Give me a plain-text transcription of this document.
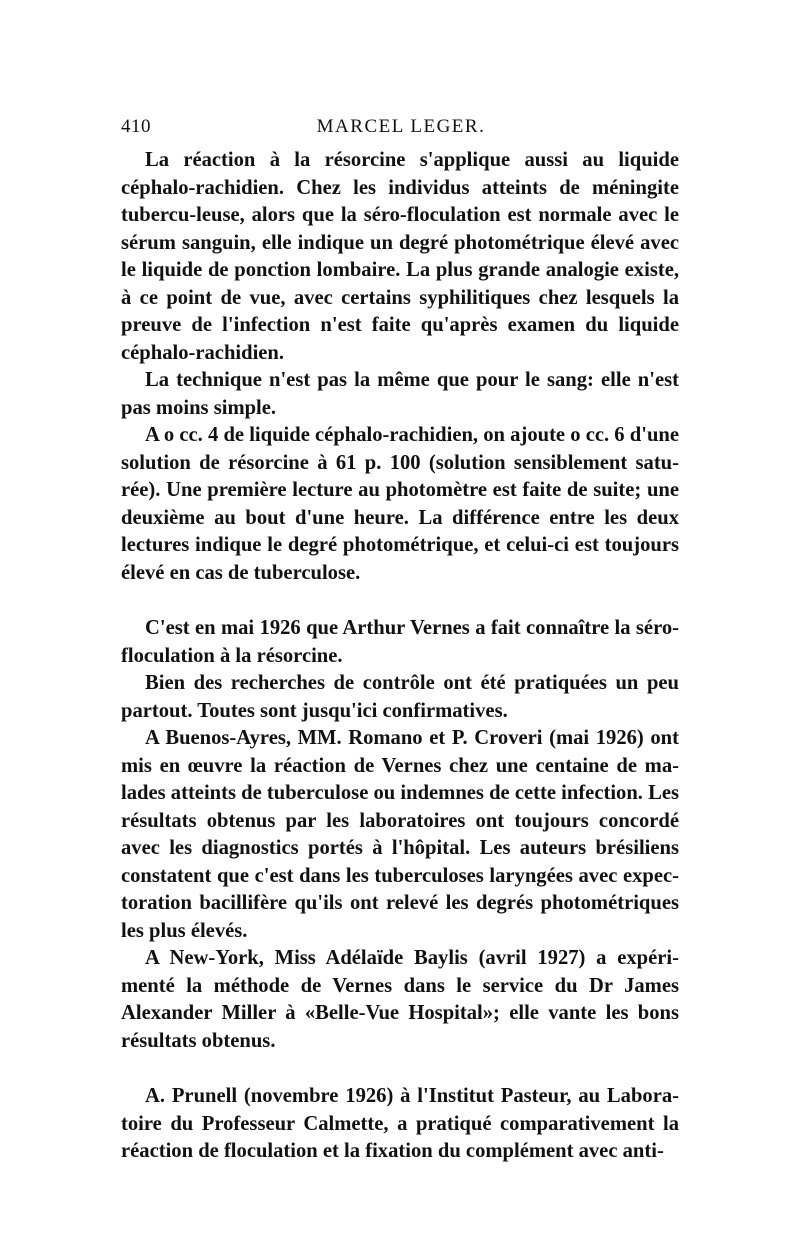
410	MARCEL LEGER.

La réaction à la résorcine s'applique aussi au liquide céphalo-rachidien. Chez les individus atteints de méningite tubercu-leuse, alors que la séro-floculation est normale avec le sérum sanguin, elle indique un degré photométrique élevé avec le liquide de ponction lombaire. La plus grande analogie existe, à ce point de vue, avec certains syphilitiques chez lesquels la preuve de l'infection n'est faite qu'après examen du liquide céphalo-rachidien.

La technique n'est pas la même que pour le sang: elle n'est pas moins simple.

A o cc. 4 de liquide céphalo-rachidien, on ajoute o cc. 6 d'une solution de résorcine à 61 p. 100 (solution sensiblement satu-rée). Une première lecture au photomètre est faite de suite; une deuxième au bout d'une heure. La différence entre les deux lectures indique le degré photométrique, et celui-ci est toujours élevé en cas de tuberculose.

C'est en mai 1926 que Arthur Vernes a fait connaître la séro-floculation à la résorcine.

Bien des recherches de contrôle ont été pratiquées un peu partout. Toutes sont jusqu'ici confirmatives.

A Buenos-Ayres, MM. Romano et P. Croveri (mai 1926) ont mis en œuvre la réaction de Vernes chez une centaine de ma-lades atteints de tuberculose ou indemnes de cette infection. Les résultats obtenus par les laboratoires ont toujours concordé avec les diagnostics portés à l'hôpital. Les auteurs brésiliens constatent que c'est dans les tuberculoses laryngées avec expec-toration bacillifère qu'ils ont relevé les degrés photométriques les plus élevés.

A New-York, Miss Adélaïde Baylis (avril 1927) a expéri-menté la méthode de Vernes dans le service du Dr James Alexander Miller à «Belle-Vue Hospital»; elle vante les bons résultats obtenus.

A. Prunell (novembre 1926) à l'Institut Pasteur, au Labora-toire du Professeur Calmette, a pratiqué comparativement la réaction de floculation et la fixation du complément avec anti-
